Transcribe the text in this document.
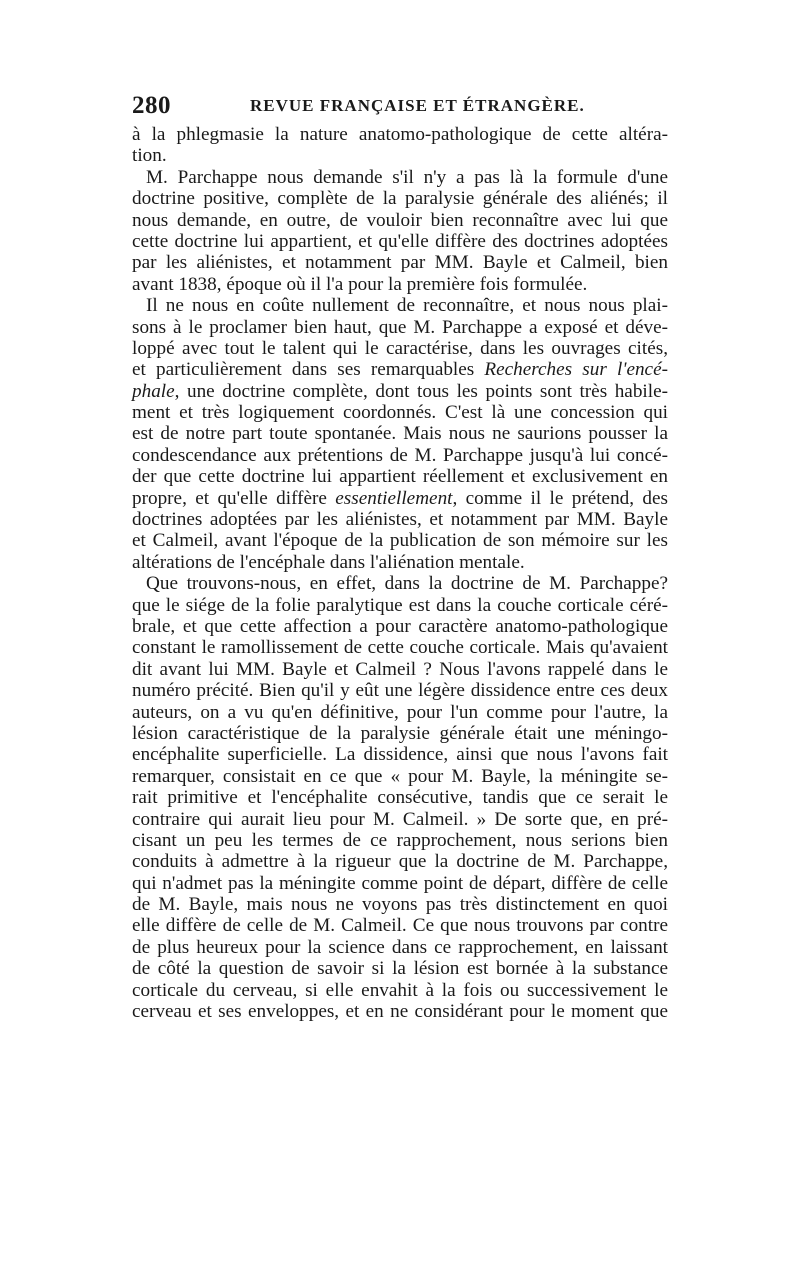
280	REVUE FRANÇAISE ET ÉTRANGÈRE.
à la phlegmasie la nature anatomo-pathologique de cette altéra-
tion.
M. Parchappe nous demande s'il n'y a pas là la formule d'une
doctrine positive, complète de la paralysie générale des aliénés; il
nous demande, en outre, de vouloir bien reconnaître avec lui que
cette doctrine lui appartient, et qu'elle diffère des doctrines adoptées
par les aliénistes, et notamment par MM. Bayle et Calmeil, bien
avant 1838, époque où il l'a pour la première fois formulée.
Il ne nous en coûte nullement de reconnaître, et nous nous plai-
sons à le proclamer bien haut, que M. Parchappe a exposé et déve-
loppé avec tout le talent qui le caractérise, dans les ouvrages cités,
et particulièrement dans ses remarquables Recherches sur l'encé-
phale, une doctrine complète, dont tous les points sont très habile-
ment et très logiquement coordonnés. C'est là une concession qui
est de notre part toute spontanée. Mais nous ne saurions pousser la
condescendance aux prétentions de M. Parchappe jusqu'à lui concé-
der que cette doctrine lui appartient réellement et exclusivement en
propre, et qu'elle diffère essentiellement, comme il le prétend, des
doctrines adoptées par les aliénistes, et notamment par MM. Bayle
et Calmeil, avant l'époque de la publication de son mémoire sur les
altérations de l'encéphale dans l'aliénation mentale.
Que trouvons-nous, en effet, dans la doctrine de M. Parchappe?
que le siége de la folie paralytique est dans la couche corticale céré-
brale, et que cette affection a pour caractère anatomo-pathologique
constant le ramollissement de cette couche corticale. Mais qu'avaient
dit avant lui MM. Bayle et Calmeil ? Nous l'avons rappelé dans le
numéro précité. Bien qu'il y eût une légère dissidence entre ces deux
auteurs, on a vu qu'en définitive, pour l'un comme pour l'autre, la
lésion caractéristique de la paralysie générale était une méningo-
encéphalite superficielle. La dissidence, ainsi que nous l'avons fait
remarquer, consistait en ce que « pour M. Bayle, la méningite se-
rait primitive et l'encéphalite consécutive, tandis que ce serait le
contraire qui aurait lieu pour M. Calmeil. » De sorte que, en pré-
cisant un peu les termes de ce rapprochement, nous serions bien
conduits à admettre à la rigueur que la doctrine de M. Parchappe,
qui n'admet pas la méningite comme point de départ, diffère de celle
de M. Bayle, mais nous ne voyons pas très distinctement en quoi
elle diffère de celle de M. Calmeil. Ce que nous trouvons par contre
de plus heureux pour la science dans ce rapprochement, en laissant
de côté la question de savoir si la lésion est bornée à la substance
corticale du cerveau, si elle envahit à la fois ou successivement le
cerveau et ses enveloppes, et en ne considérant pour le moment que
